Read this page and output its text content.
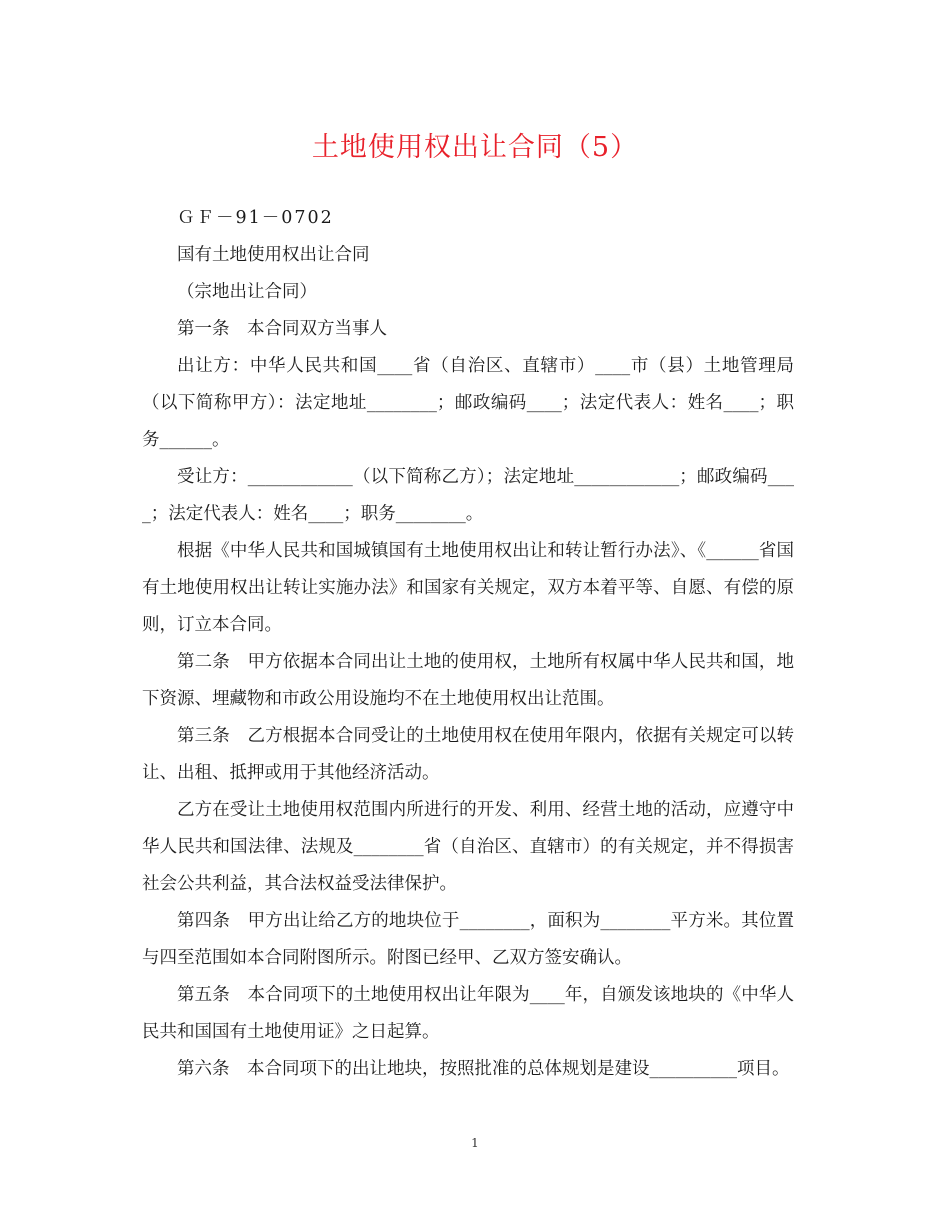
土地使用权出让合同（5）

ＧＦ－91－0702

国有土地使用权出让合同

（宗地出让合同）

第一条　本合同双方当事人

出让方：中华人民共和国____省（自治区、直辖市）____市（县）土地管理局（以下简称甲方）：法定地址________；邮政编码____；法定代表人：姓名____；职务______。

受让方：____________（以下简称乙方）；法定地址____________；邮政编码____；法定代表人：姓名____；职务________。

根据《中华人民共和国城镇国有土地使用权出让和转让暂行办法》、《______省国有土地使用权出让转让实施办法》和国家有关规定，双方本着平等、自愿、有偿的原则，订立本合同。

第二条　甲方依据本合同出让土地的使用权，土地所有权属中华人民共和国，地下资源、埋藏物和市政公用设施均不在土地使用权出让范围。

第三条　乙方根据本合同受让的土地使用权在使用年限内，依据有关规定可以转让、出租、抵押或用于其他经济活动。

乙方在受让土地使用权范围内所进行的开发、利用、经营土地的活动，应遵守中华人民共和国法律、法规及________省（自治区、直辖市）的有关规定，并不得损害社会公共利益，其合法权益受法律保护。

第四条　甲方出让给乙方的地块位于________，面积为________平方米。其位置与四至范围如本合同附图所示。附图已经甲、乙双方签安确认。

第五条　本合同项下的土地使用权出让年限为____年，自颁发该地块的《中华人民共和国国有土地使用证》之日起算。

第六条　本合同项下的出让地块，按照批准的总体规划是建设__________项目。

1
